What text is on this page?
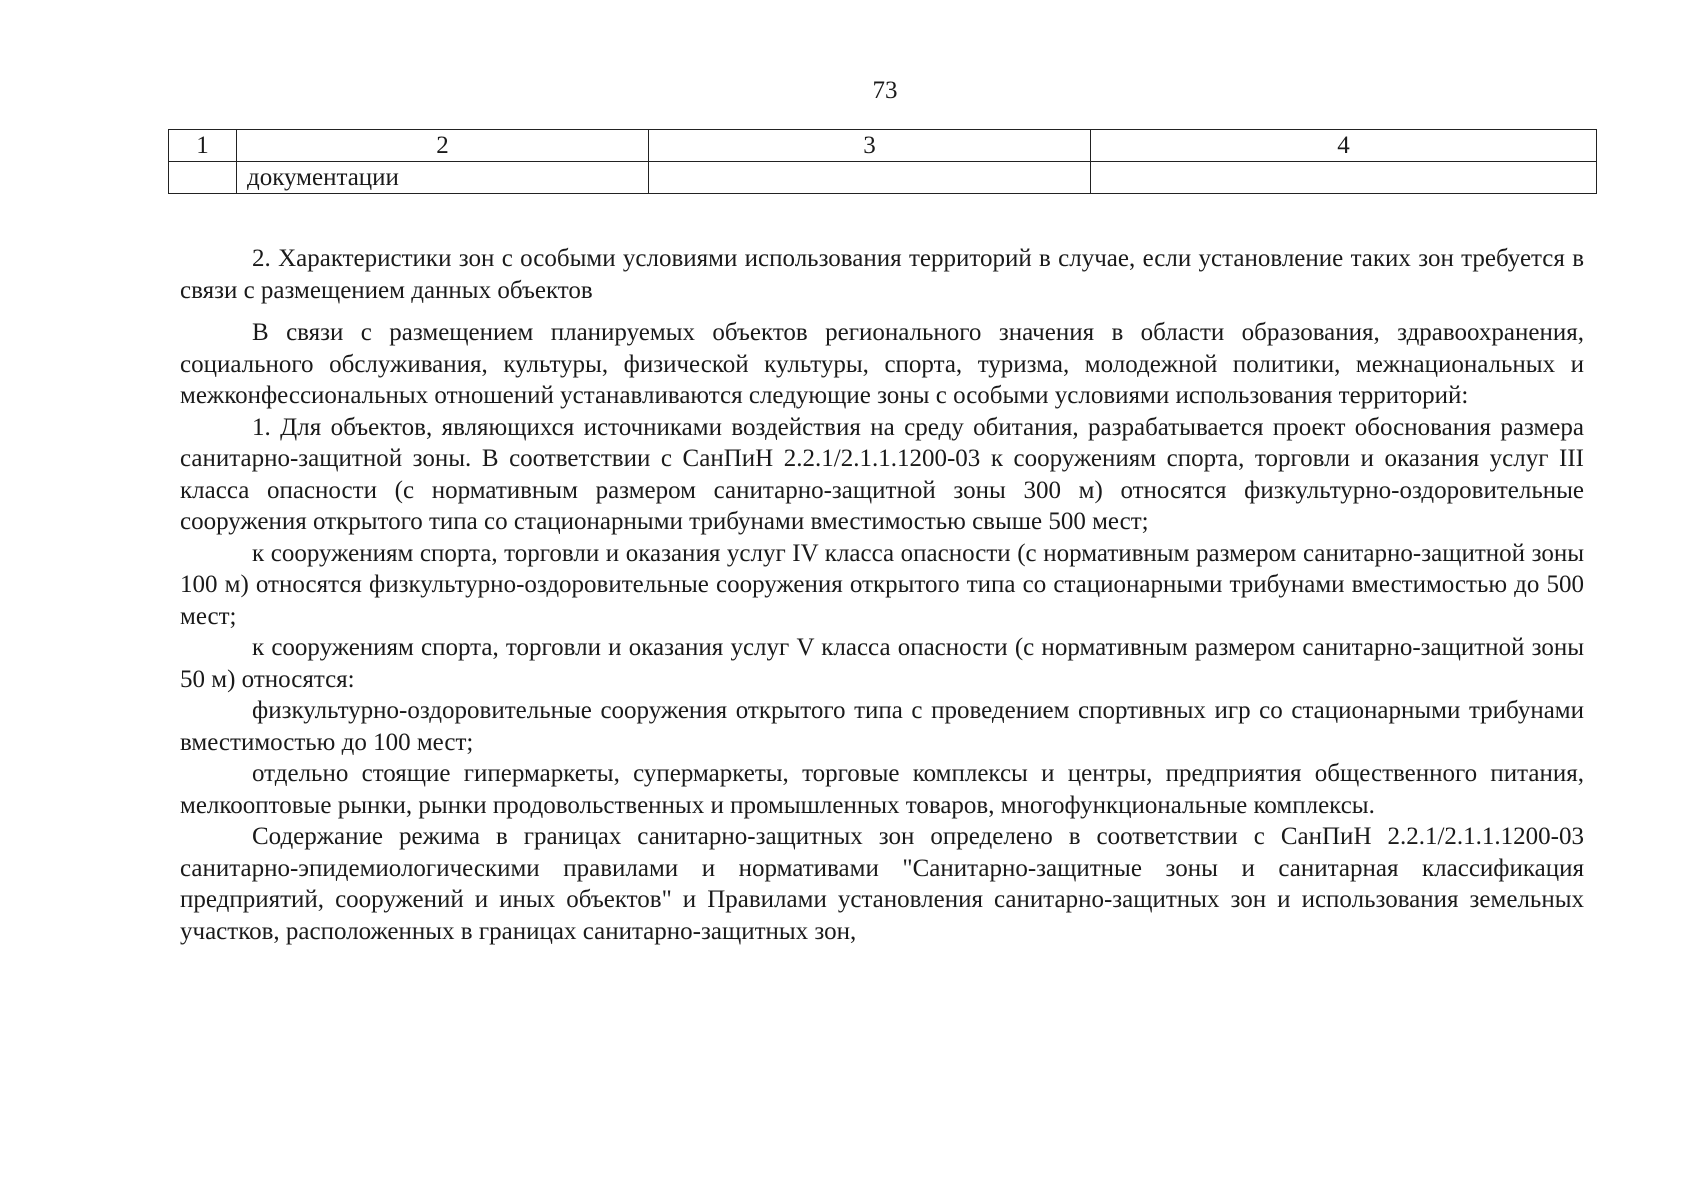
73
1	2	3	4
	документации		

2. Характеристики зон с особыми условиями использования территорий в случае, если установление таких зон требуется в связи с размещением данных объектов

В связи с размещением планируемых объектов регионального значения в области образования, здравоохранения, социального обслуживания, культуры, физической культуры, спорта, туризма, молодежной политики, межнациональных и межконфессиональных отношений устанавливаются следующие зоны с особыми условиями использования территорий:

1. Для объектов, являющихся источниками воздействия на среду обитания, разрабатывается проект обоснования размера санитарно-защитной зоны. В соответствии с СанПиН 2.2.1/2.1.1.1200-03 к сооружениям спорта, торговли и оказания услуг III класса опасности (с нормативным размером санитарно-защитной зоны 300 м) относятся физкультурно-оздоровительные сооружения открытого типа со стационарными трибунами вместимостью свыше 500 мест;

к сооружениям спорта, торговли и оказания услуг IV класса опасности (с нормативным размером санитарно-защитной зоны 100 м) относятся физкультурно-оздоровительные сооружения открытого типа со стационарными трибунами вместимостью до 500 мест;

к сооружениям спорта, торговли и оказания услуг V класса опасности (с нормативным размером санитарно-защитной зоны 50 м) относятся:

физкультурно-оздоровительные сооружения открытого типа с проведением спортивных игр со стационарными трибунами вместимостью до 100 мест;

отдельно стоящие гипермаркеты, супермаркеты, торговые комплексы и центры, предприятия общественного питания, мелкооптовые рынки, рынки продовольственных и промышленных товаров, многофункциональные комплексы.

Содержание режима в границах санитарно-защитных зон определено в соответствии с СанПиН 2.2.1/2.1.1.1200-03 санитарно-эпидемиологическими правилами и нормативами "Санитарно-защитные зоны и санитарная классификация предприятий, сооружений и иных объектов" и Правилами установления санитарно-защитных зон и использования земельных участков, расположенных в границах санитарно-защитных зон,
